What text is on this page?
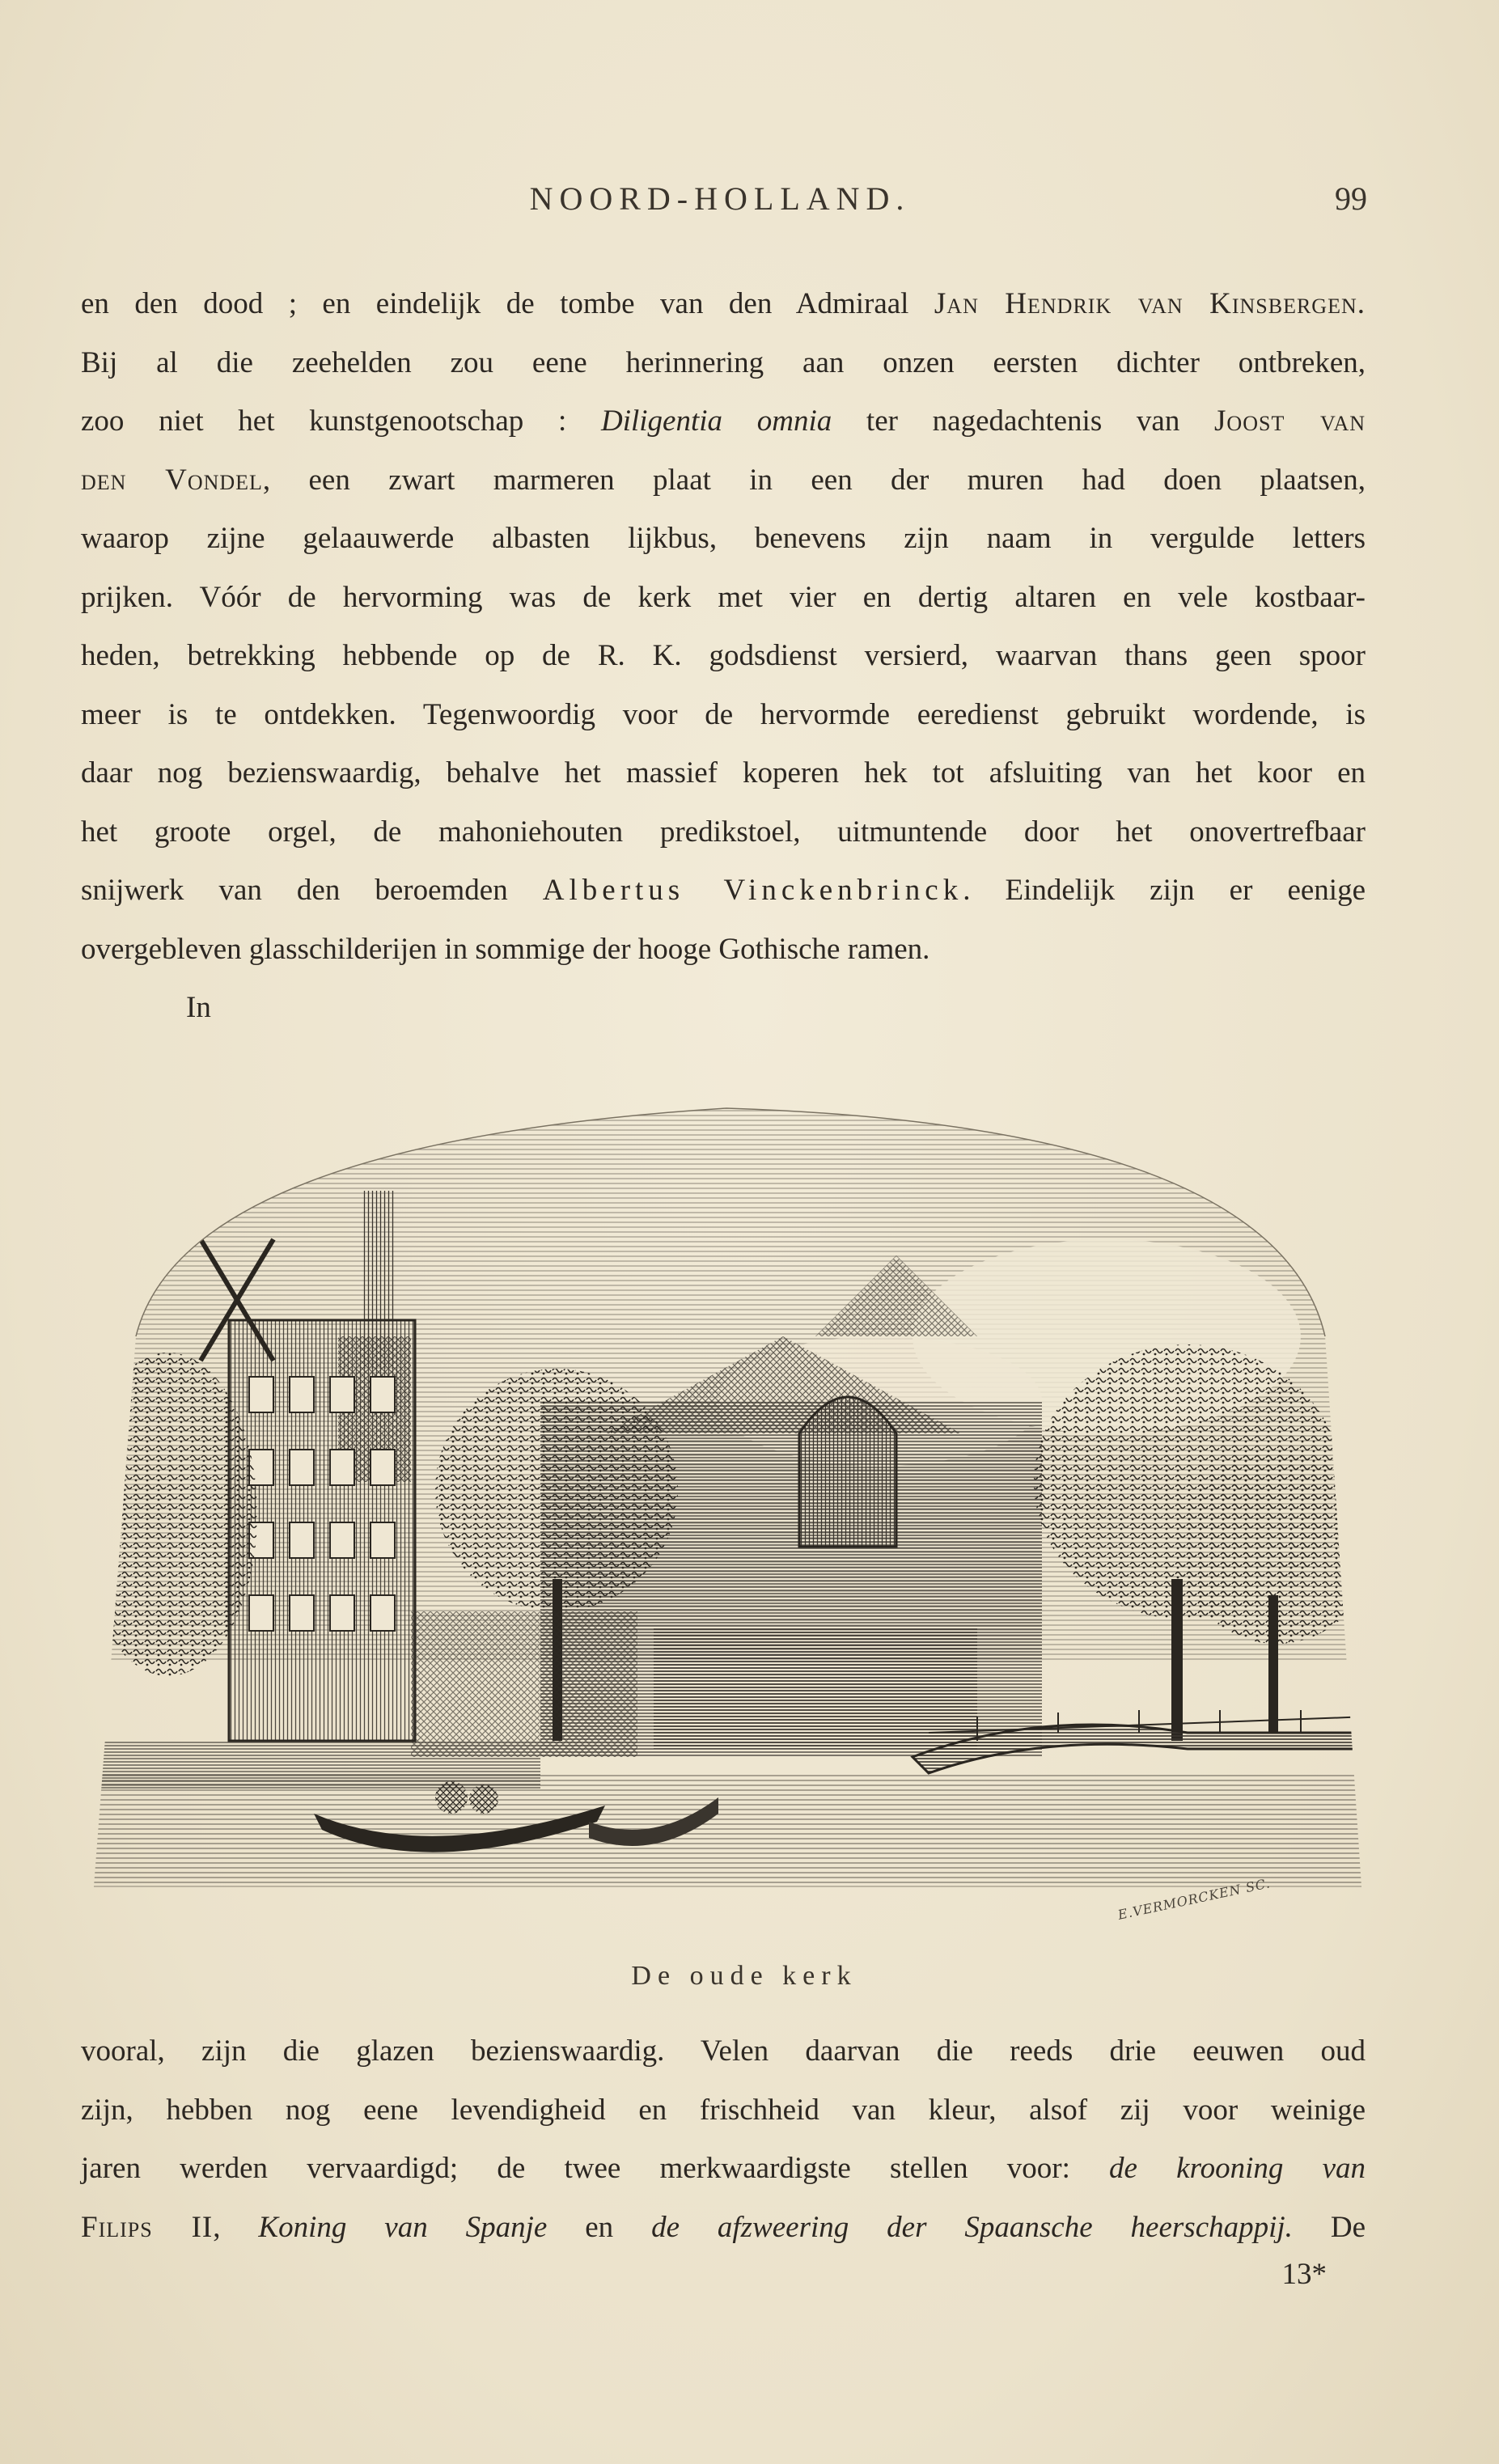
NOORD-HOLLAND.	99

en den dood ; en eindelijk de tombe van den Admiraal Jan Hendrik van Kinsbergen.
Bij al die zeehelden zou eene herinnering aan onzen eersten dichter ontbreken,
zoo niet het kunstgenootschap : Diligentia omnia ter nagedachtenis van Joost van
den Vondel, een zwart marmeren plaat in een der muren had doen plaatsen,
waarop zijne gelaauwerde albasten lijkbus, benevens zijn naam in vergulde letters
prijken. Vóór de hervorming was de kerk met vier en dertig altaren en vele kostbaar-
heden, betrekking hebbende op de R. K. godsdienst versierd, waarvan thans geen spoor
meer is te ontdekken. Tegenwoordig voor de hervormde eeredienst gebruikt wordende, is
daar nog bezienswaardig, behalve het massief koperen hek tot afsluiting van het koor en
het groote orgel, de mahoniehouten predikstoel, uitmuntende door het onovertrefbaar
snijwerk van den beroemden Albertus Vinckenbrinck. Eindelijk zijn er eenige
overgebleven glasschilderijen in sommige der hooge Gothische ramen.
In

E.VERMORCKEN SC.
De oude kerk

vooral, zijn die glazen bezienswaardig. Velen daarvan die reeds drie eeuwen oud
zijn, hebben nog eene levendigheid en frischheid van kleur, alsof zij voor weinige
jaren werden vervaardigd; de twee merkwaardigste stellen voor: de krooning van
Filips II, Koning van Spanje en de afzweering der Spaansche heerschappij. De

13*
